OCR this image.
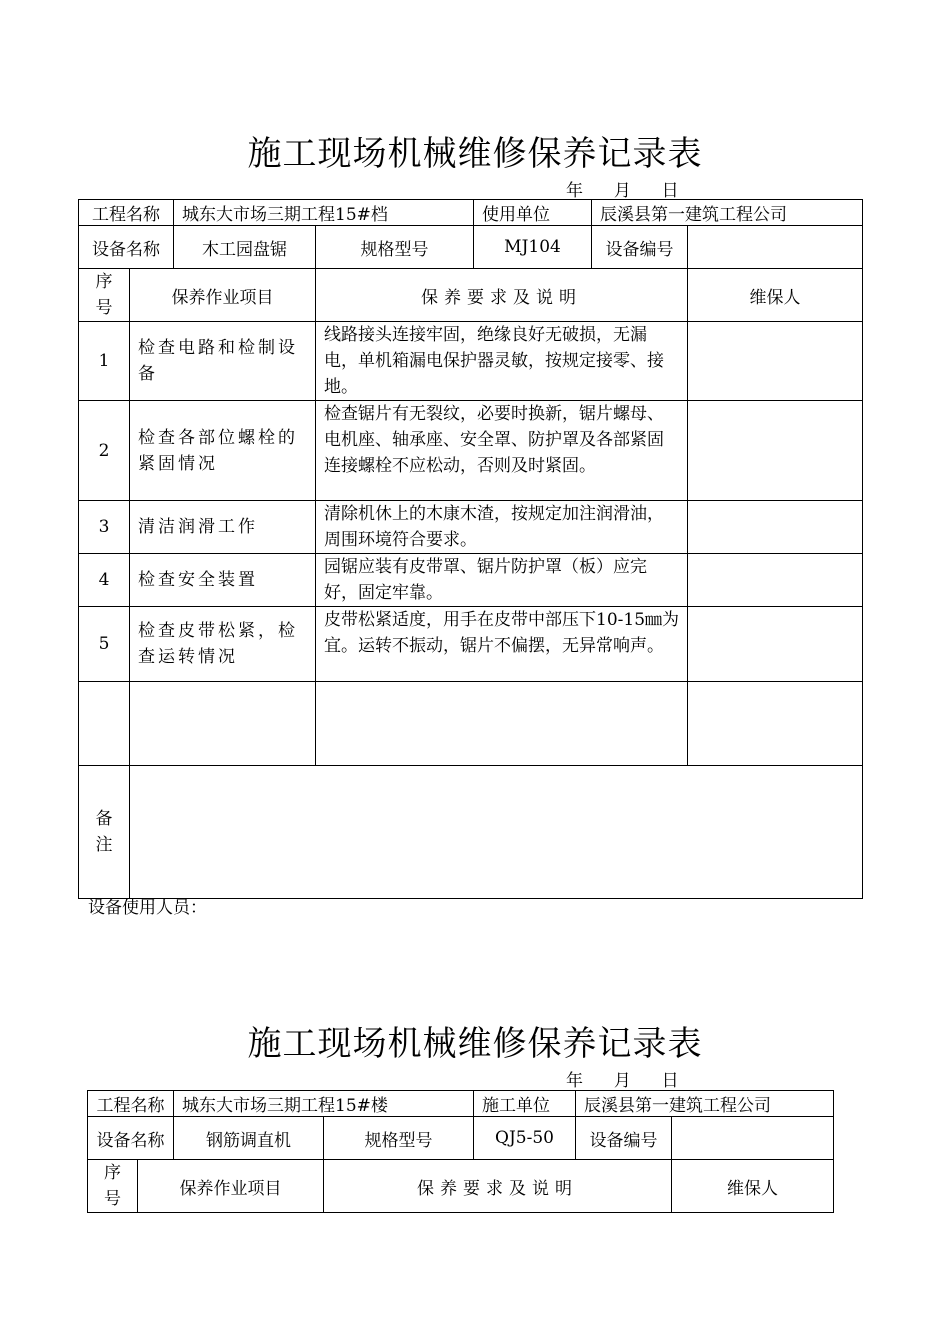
施工现场机械维修保养记录表
年 月 日
工程名称		城东大市场三期工程15#档		使用单位	辰溪县第一建筑工程公司	
设备名称		木工园盘锯	规格型号	MJ104	设备编号	
序号	保养作业项目		保养要求及说明			维保人
1	检查电路和检制设备		线路接头连接牢固，绝缘良好无破损，无漏电，单机箱漏电保护器灵敏，按规定接零、接地。			
2	检查各部位螺栓的紧固情况		检查锯片有无裂纹，必要时换新，锯片螺母、电机座、轴承座、安全罩、防护罩及各部紧固连接螺栓不应松动，否则及时紧固。			
3	清洁润滑工作		清除机休上的木康木渣，按规定加注润滑油，周围环境符合要求。			
4	检查安全装置		园锯应装有皮带罩、锯片防护罩（板）应完好，固定牢靠。			
5	检查皮带松紧，检查运转情况		皮带松紧适度，用手在皮带中部压下10-15㎜为宜。运转不振动，锯片不偏摆，无异常响声。			

备注						
设备使用人员：
施工现场机械维修保养记录表
年 月 日
工程名称		城东大市场三期工程15#楼		施工单位	辰溪县第一建筑工程公司	
设备名称		钢筋调直机	规格型号	QJ5-50	设备编号	
序号	保养作业项目		保养要求及说明			维保人
